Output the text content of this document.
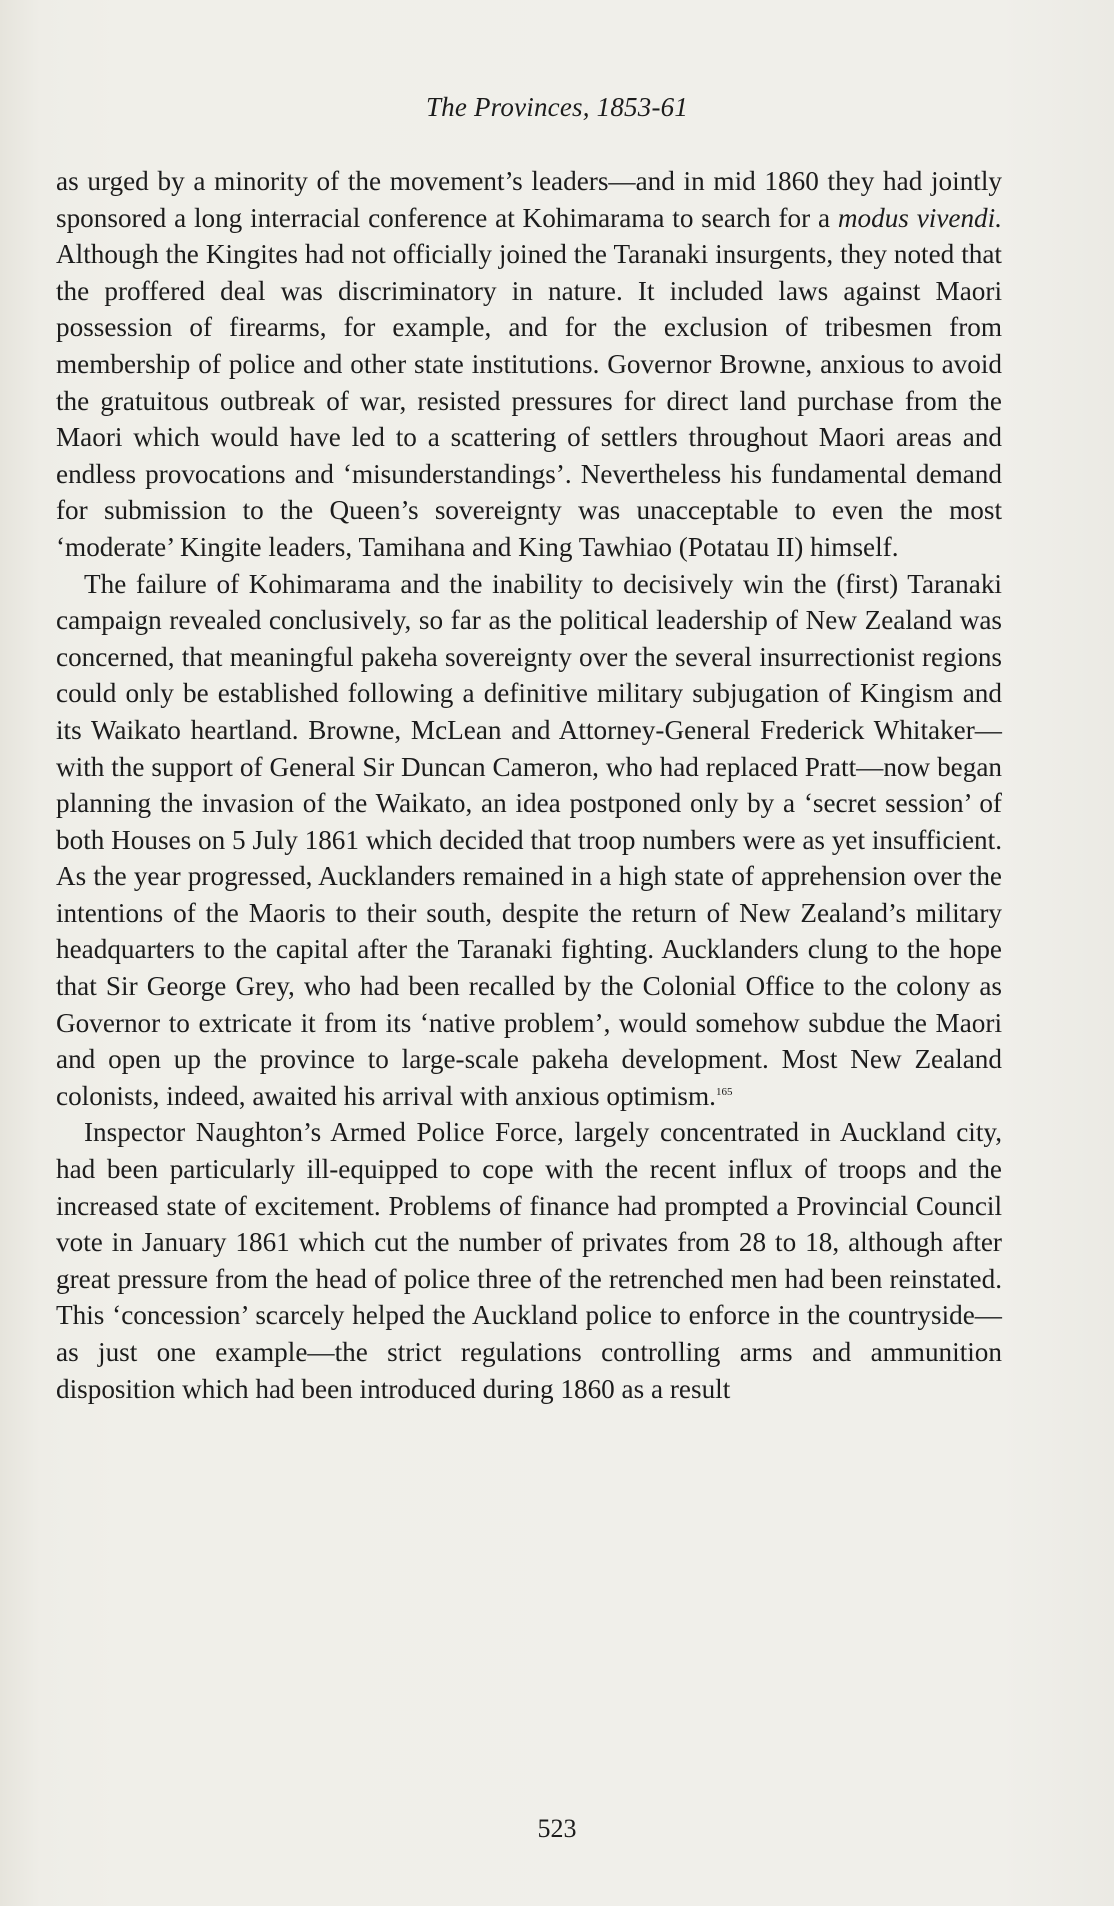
The Provinces, 1853-61

as urged by a minority of the movement’s leaders—and in mid 1860 they had jointly sponsored a long interracial conference at Kohimarama to search for a modus vivendi. Although the Kingites had not officially joined the Taranaki insurgents, they noted that the proffered deal was discriminatory in nature. It included laws against Maori possession of firearms, for example, and for the exclusion of tribesmen from membership of police and other state institutions. Governor Browne, anxious to avoid the gratuitous outbreak of war, resisted pressures for direct land purchase from the Maori which would have led to a scattering of settlers throughout Maori areas and endless provocations and ‘misunderstandings’. Nevertheless his fundamental demand for submission to the Queen’s sovereignty was unacceptable to even the most ‘moderate’ Kingite leaders, Tamihana and King Tawhiao (Potatau II) himself.

The failure of Kohimarama and the inability to decisively win the (first) Taranaki campaign revealed conclusively, so far as the political leadership of New Zealand was concerned, that meaningful pakeha sovereignty over the several insurrectionist regions could only be established following a definitive military subjugation of Kingism and its Waikato heartland. Browne, McLean and Attorney-General Frederick Whitaker—with the support of General Sir Duncan Cameron, who had replaced Pratt—now began planning the invasion of the Waikato, an idea postponed only by a ‘secret session’ of both Houses on 5 July 1861 which decided that troop numbers were as yet insufficient. As the year progressed, Aucklanders remained in a high state of apprehension over the intentions of the Maoris to their south, despite the return of New Zealand’s military headquarters to the capital after the Taranaki fighting. Aucklanders clung to the hope that Sir George Grey, who had been recalled by the Colonial Office to the colony as Governor to extricate it from its ‘native problem’, would somehow subdue the Maori and open up the province to large-scale pakeha development. Most New Zealand colonists, indeed, awaited his arrival with anxious optimism.$^{165}$

Inspector Naughton’s Armed Police Force, largely concentrated in Auckland city, had been particularly ill-equipped to cope with the recent influx of troops and the increased state of excitement. Problems of finance had prompted a Provincial Council vote in January 1861 which cut the number of privates from 28 to 18, although after great pressure from the head of police three of the retrenched men had been reinstated. This ‘concession’ scarcely helped the Auckland police to enforce in the countryside—as just one example—the strict regulations controlling arms and ammunition disposition which had been introduced during 1860 as a result

523
